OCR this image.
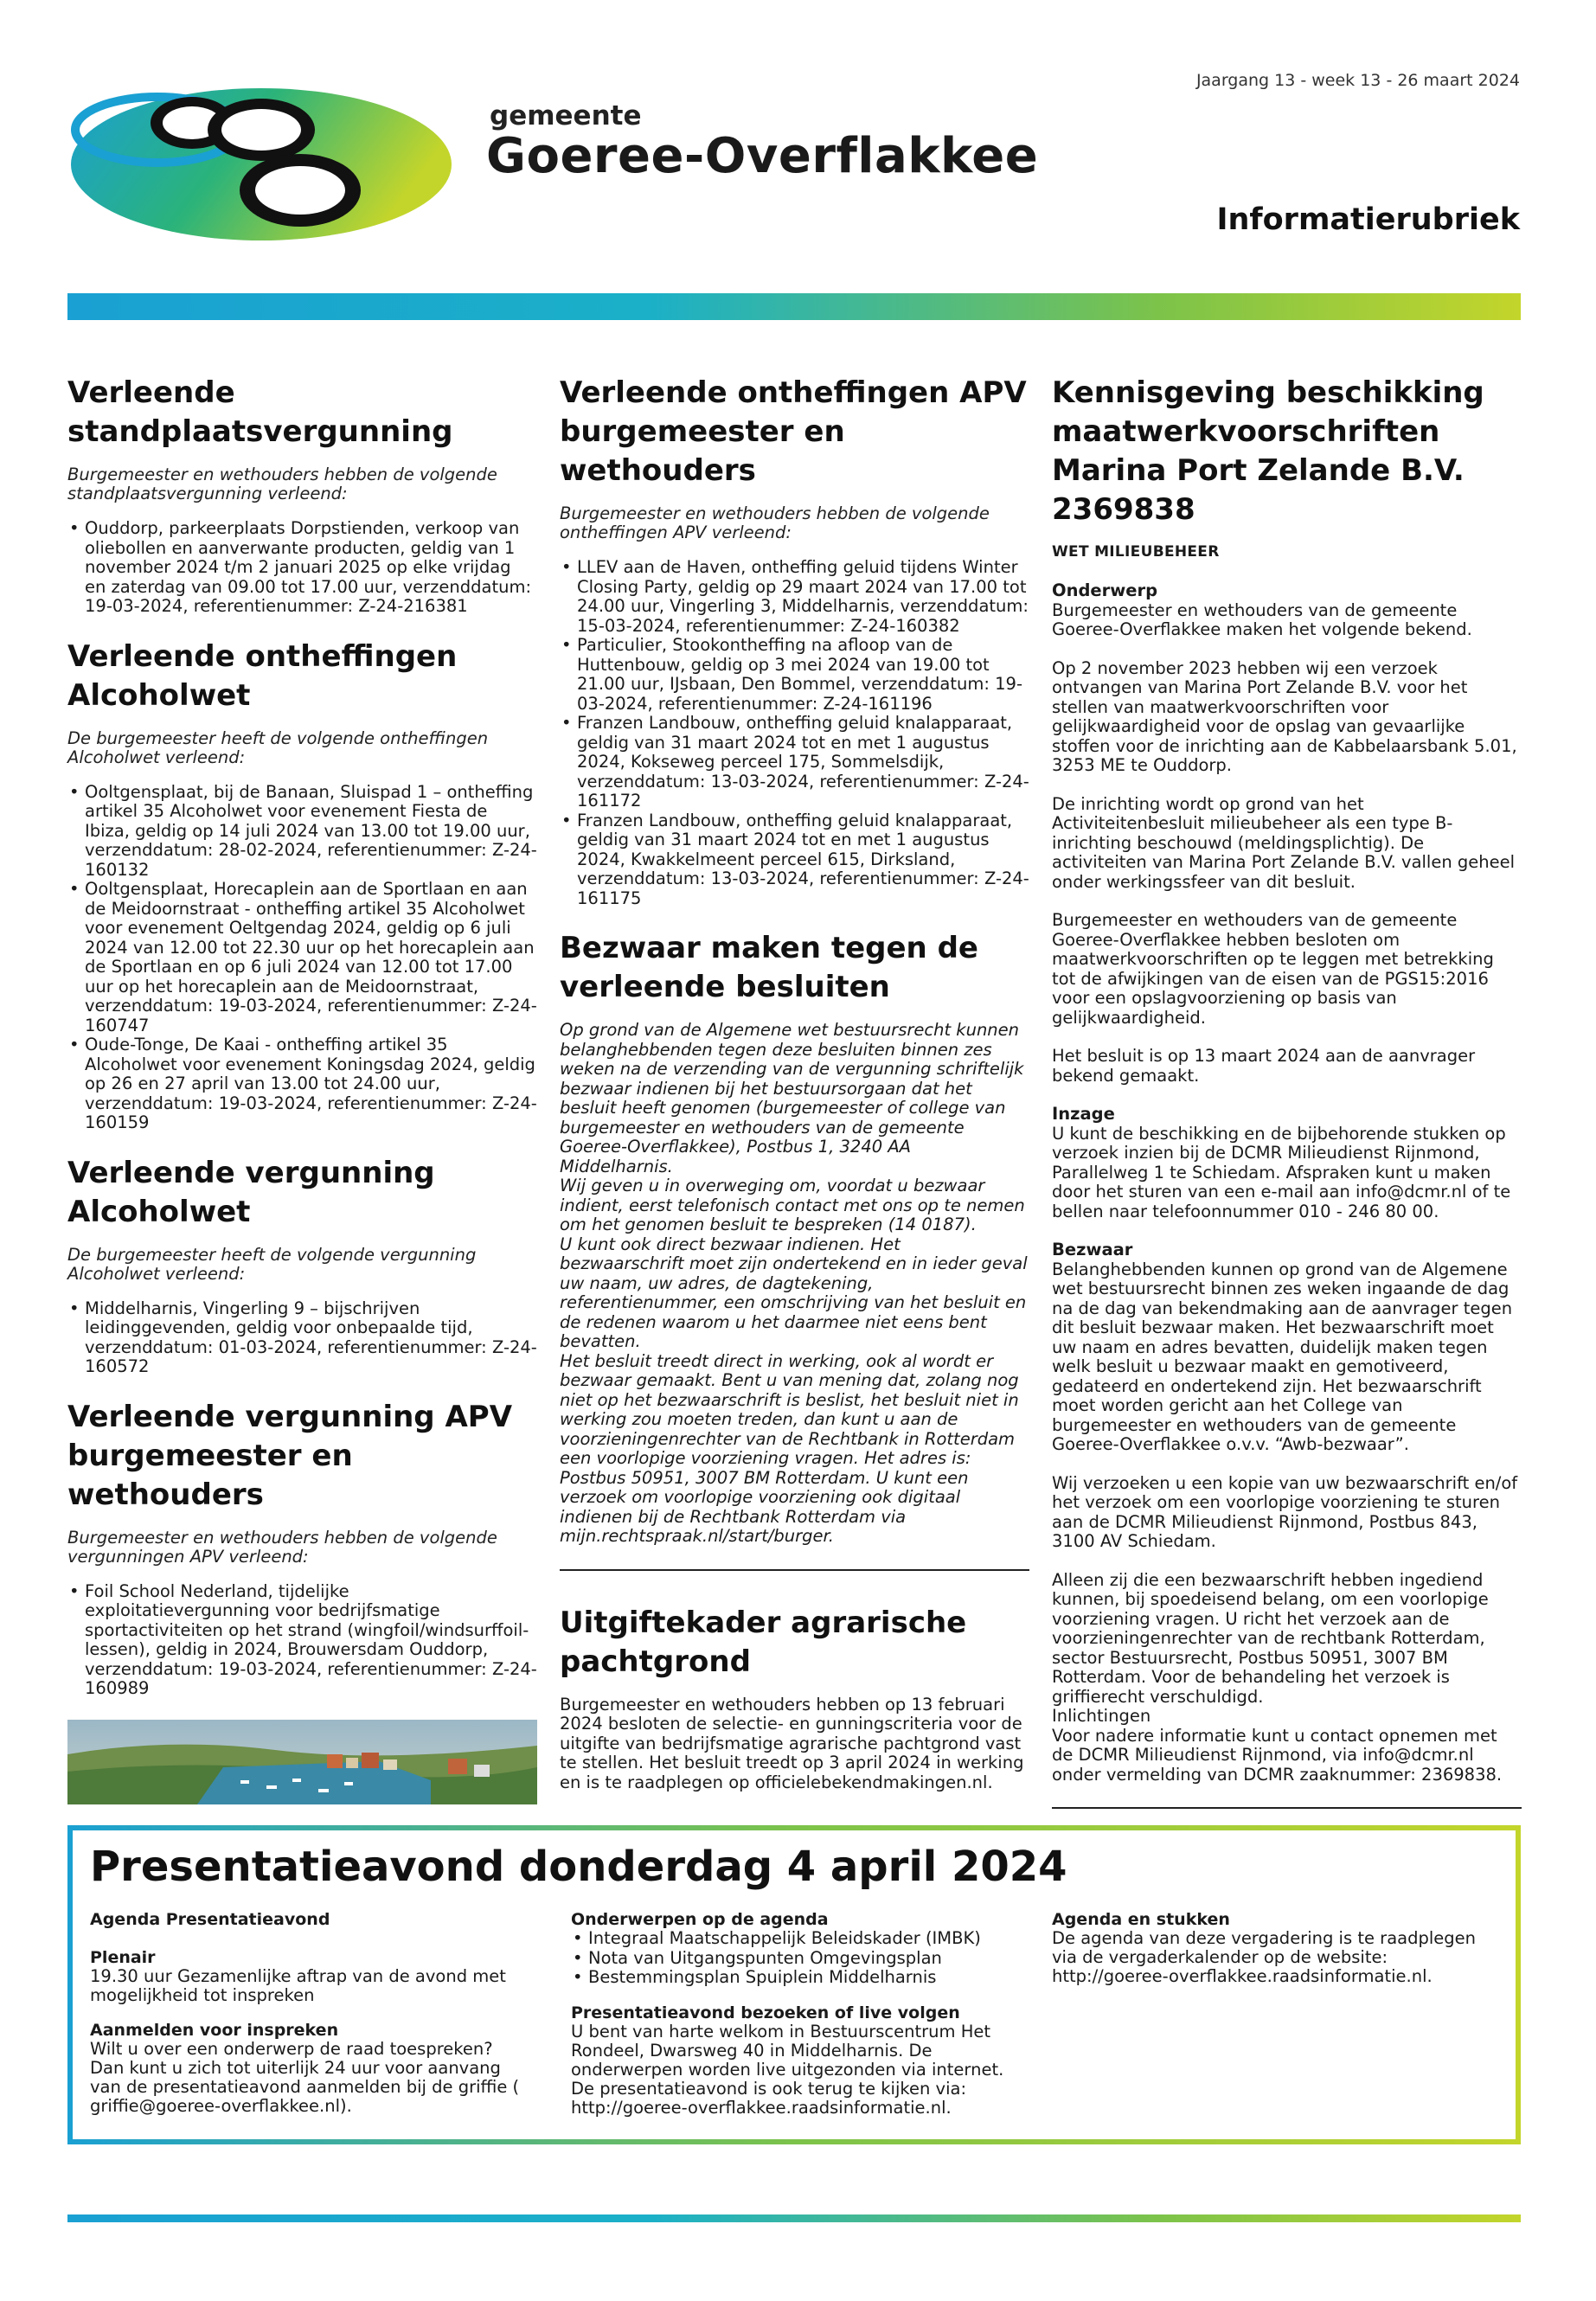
gemeente
Goeree-Overflakkee
Jaargang 13 - week 13 - 26 maart 2024
Informatierubriek
Verleende standplaatsvergunning

Burgemeester en wethouders hebben de volgende standplaatsvergunning verleend:

• Ouddorp, parkeerplaats Dorpstienden, verkoop van oliebollen en aanverwante producten, geldig van 1 november 2024 t/m 2 januari 2025 op elke vrijdag en zaterdag van 09.00 tot 17.00 uur, verzenddatum: 19-03-2024, referentienummer: Z-24-216381
Verleende ontheffingen Alcoholwet

De burgemeester heeft de volgende ontheffingen Alcoholwet verleend:

• Ooltgensplaat, bij de Banaan, Sluispad 1 – ontheffing artikel 35 Alcoholwet voor evenement Fiesta de Ibiza, geldig op 14 juli 2024 van 13.00 tot 19.00 uur, verzenddatum: 28-02-2024, referentienummer: Z-24-160132
• Ooltgensplaat, Horecaplein aan de Sportlaan en aan de Meidoornstraat - ontheffing artikel 35 Alcoholwet voor evenement Oeltgendag 2024, geldig op 6 juli 2024 van 12.00 tot 22.30 uur op het horecaplein aan de Sportlaan en op 6 juli 2024 van 12.00 tot 17.00 uur op het horecaplein aan de Meidoornstraat, verzenddatum: 19-03-2024, referentienummer: Z-24-160747
• Oude-Tonge, De Kaai - ontheffing artikel 35 Alcoholwet voor evenement Koningsdag 2024, geldig op 26 en 27 april van 13.00 tot 24.00 uur, verzenddatum: 19-03-2024, referentienummer: Z-24-160159
Verleende vergunning Alcoholwet

De burgemeester heeft de volgende vergunning Alcoholwet verleend:

• Middelharnis, Vingerling 9 – bijschrijven leidinggevenden, geldig voor onbepaalde tijd, verzenddatum: 01-03-2024, referentienummer: Z-24-160572
Verleende vergunning APV burgemeester en wethouders

Burgemeester en wethouders hebben de volgende vergunningen APV verleend:

• Foil School Nederland, tijdelijke exploitatievergunning voor bedrijfsmatige sportactiviteiten op het strand (wingfoil/windsurffoil-lessen), geldig in 2024, Brouwersdam Ouddorp, verzenddatum: 19-03-2024, referentienummer: Z-24-160989
Verleende ontheffingen APV burgemeester en wethouders

Burgemeester en wethouders hebben de volgende ontheffingen APV verleend:

• LLEV aan de Haven, ontheffing geluid tijdens Winter Closing Party, geldig op 29 maart 2024 van 17.00 tot 24.00 uur, Vingerling 3, Middelharnis, verzenddatum: 15-03-2024, referentienummer: Z-24-160382
• Particulier, Stookontheffing na afloop van de Huttenbouw, geldig op 3 mei 2024 van 19.00 tot 21.00 uur, IJsbaan, Den Bommel, verzenddatum: 19-03-2024, referentienummer: Z-24-161196
• Franzen Landbouw, ontheffing geluid knalapparaat, geldig van 31 maart 2024 tot en met 1 augustus 2024, Kokseweg perceel 175, Sommelsdijk, verzenddatum: 13-03-2024, referentienummer: Z-24-161172
• Franzen Landbouw, ontheffing geluid knalapparaat, geldig van 31 maart 2024 tot en met 1 augustus 2024, Kwakkelmeent perceel 615, Dirksland, verzenddatum: 13-03-2024, referentienummer: Z-24-161175
Bezwaar maken tegen de verleende besluiten

Op grond van de Algemene wet bestuursrecht kunnen belanghebbenden tegen deze besluiten binnen zes weken na de verzending van de vergunning schriftelijk bezwaar indienen bij het bestuursorgaan dat het besluit heeft genomen (burgemeester of college van burgemeester en wethouders van de gemeente Goeree-Overflakkee), Postbus 1, 3240 AA Middelharnis.

Wij geven u in overweging om, voordat u bezwaar indient, eerst telefonisch contact met ons op te nemen om het genomen besluit te bespreken (14 0187).

U kunt ook direct bezwaar indienen. Het bezwaarschrift moet zijn ondertekend en in ieder geval uw naam, uw adres, de dagtekening, referentienummer, een omschrijving van het besluit en de redenen waarom u het daarmee niet eens bent bevatten.

Het besluit treedt direct in werking, ook al wordt er bezwaar gemaakt. Bent u van mening dat, zolang nog niet op het bezwaarschrift is beslist, het besluit niet in werking zou moeten treden, dan kunt u aan de voorzieningenrechter van de Rechtbank in Rotterdam een voorlopige voorziening vragen. Het adres is: Postbus 50951, 3007 BM Rotterdam. U kunt een verzoek om voorlopige voorziening ook digitaal indienen bij de Rechtbank Rotterdam via mijn.rechtspraak.nl/start/burger.

Uitgiftekader agrarische pachtgrond

Burgemeester en wethouders hebben op 13 februari 2024 besloten de selectie- en gunningscriteria voor de uitgifte van bedrijfsmatige agrarische pachtgrond vast te stellen. Het besluit treedt op 3 april 2024 in werking en is te raadplegen op officielebekendmakingen.nl.

Kennisgeving beschikking maatwerkvoorschriften Marina Port Zelande B.V. 2369838
WET MILIEUBEHEER

Onderwerp

Burgemeester en wethouders van de gemeente Goeree-Overflakkee maken het volgende bekend.

Op 2 november 2023 hebben wij een verzoek ontvangen van Marina Port Zelande B.V. voor het stellen van maatwerkvoorschriften voor gelijkwaardigheid voor de opslag van gevaarlijke stoffen voor de inrichting aan de Kabbelaarsbank 5.01, 3253 ME te Ouddorp.

De inrichting wordt op grond van het Activiteitenbesluit milieubeheer als een type B-inrichting beschouwd (meldingsplichtig). De activiteiten van Marina Port Zelande B.V. vallen geheel onder werkingssfeer van dit besluit.

Burgemeester en wethouders van de gemeente Goeree-Overflakkee hebben besloten om maatwerkvoorschriften op te leggen met betrekking tot de afwijkingen van de eisen van de PGS15:2016 voor een opslagvoorziening op basis van gelijkwaardigheid.

Het besluit is op 13 maart 2024 aan de aanvrager bekend gemaakt.

Inzage

U kunt de beschikking en de bijbehorende stukken op verzoek inzien bij de DCMR Milieudienst Rijnmond, Parallelweg 1 te Schiedam. Afspraken kunt u maken door het sturen van een e-mail aan info@dcmr.nl of te bellen naar telefoonnummer 010 - 246 80 00.

Bezwaar

Belanghebbenden kunnen op grond van de Algemene wet bestuursrecht binnen zes weken ingaande de dag na de dag van bekendmaking aan de aanvrager tegen dit besluit bezwaar maken. Het bezwaarschrift moet uw naam en adres bevatten, duidelijk maken tegen welk besluit u bezwaar maakt en gemotiveerd, gedateerd en ondertekend zijn. Het bezwaarschrift moet worden gericht aan het College van burgemeester en wethouders van de gemeente Goeree-Overflakkee o.v.v. “Awb-bezwaar”.

Wij verzoeken u een kopie van uw bezwaarschrift en/of het verzoek om een voorlopige voorziening te sturen aan de DCMR Milieudienst Rijnmond, Postbus 843, 3100 AV Schiedam.

Alleen zij die een bezwaarschrift hebben ingediend kunnen, bij spoedeisend belang, om een voorlopige voorziening vragen. U richt het verzoek aan de voorzieningenrechter van de rechtbank Rotterdam, sector Bestuursrecht, Postbus 50951, 3007 BM Rotterdam. Voor de behandeling het verzoek is griffierecht verschuldigd.

Inlichtingen

Voor nadere informatie kunt u contact opnemen met de DCMR Milieudienst Rijnmond, via info@dcmr.nl onder vermelding van DCMR zaaknummer: 2369838.

Presentatieavond donderdag 4 april 2024

Agenda Presentatieavond

Plenair

19.30 uur Gezamenlijke aftrap van de avond met mogelijkheid tot inspreken

Aanmelden voor inspreken

Wilt u over een onderwerp de raad toespreken? Dan kunt u zich tot uiterlijk 24 uur voor aanvang van de presentatieavond aanmelden bij de griffie ( griffie@goeree-overflakkee.nl).

Onderwerpen op de agenda

• Integraal Maatschappelijk Beleidskader (IMBK)
• Nota van Uitgangspunten Omgevingsplan
• Bestemmingsplan Spuiplein Middelharnis

Presentatieavond bezoeken of live volgen

U bent van harte welkom in Bestuurscentrum Het Rondeel, Dwarsweg 40 in Middelharnis. De onderwerpen worden live uitgezonden via internet. De presentatieavond is ook terug te kijken via: http://goeree-overflakkee.raadsinformatie.nl.

Agenda en stukken

De agenda van deze vergadering is te raadplegen via de vergaderkalender op de website: http://goeree-overflakkee.raadsinformatie.nl.
